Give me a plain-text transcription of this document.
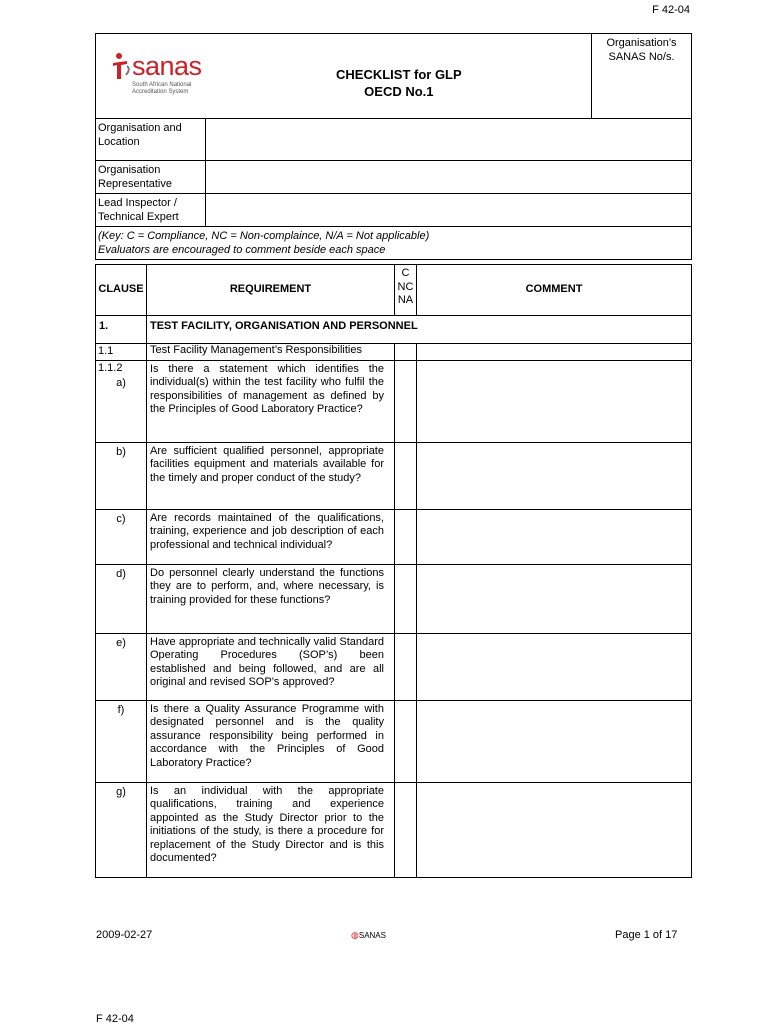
F 42-04
sanas
South African National
Accreditation System
CHECKLIST for GLP
OECD No.1		Organisation’s SANAS No/s.
Organisation and Location		
Organisation Representative		
Lead Inspector / Technical Expert		

(Key: C = Compliance, NC = Non-complaince, N/A = Not applicable)
Evaluators are encouraged to comment beside each space		
CLAUSE	REQUIREMENT	C
NC
NA	COMMENT
1.	TEST FACILITY, ORGANISATION AND PERSONNEL		
1.1	Test Facility Management’s Responsibilities		

1.1.2
a)	Is there a statement which identifies the individual(s) within the test facility who fulfil the responsibilities of management as defined by the Principles of Good Laboratory Practice?		

b)	Are sufficient qualified personnel, appropriate facilities equipment and materials available for the timely and proper conduct of the study?		

c)	Are records maintained of the qualifications, training, experience and job description of each professional and technical individual?		

d)	Do personnel clearly understand the functions they are to perform, and, where necessary, is training provided for these functions?		

e)	Have appropriate and technically valid Standard Operating Procedures (SOP’s) been established and being followed, and are all original and revised SOP’s approved?		

f)	Is there a Quality Assurance Programme with designated personnel and is the quality assurance responsibility being performed in accordance with the Principles of Good Laboratory Practice?		

g)	Is an individual with the appropriate qualifications, training and experience appointed as the Study Director prior to the initiations of the study, is there a procedure for replacement of the Study Director and is this documented?		
2009-02-27	◍SANAS	Page 1 of 17
F 42-04
